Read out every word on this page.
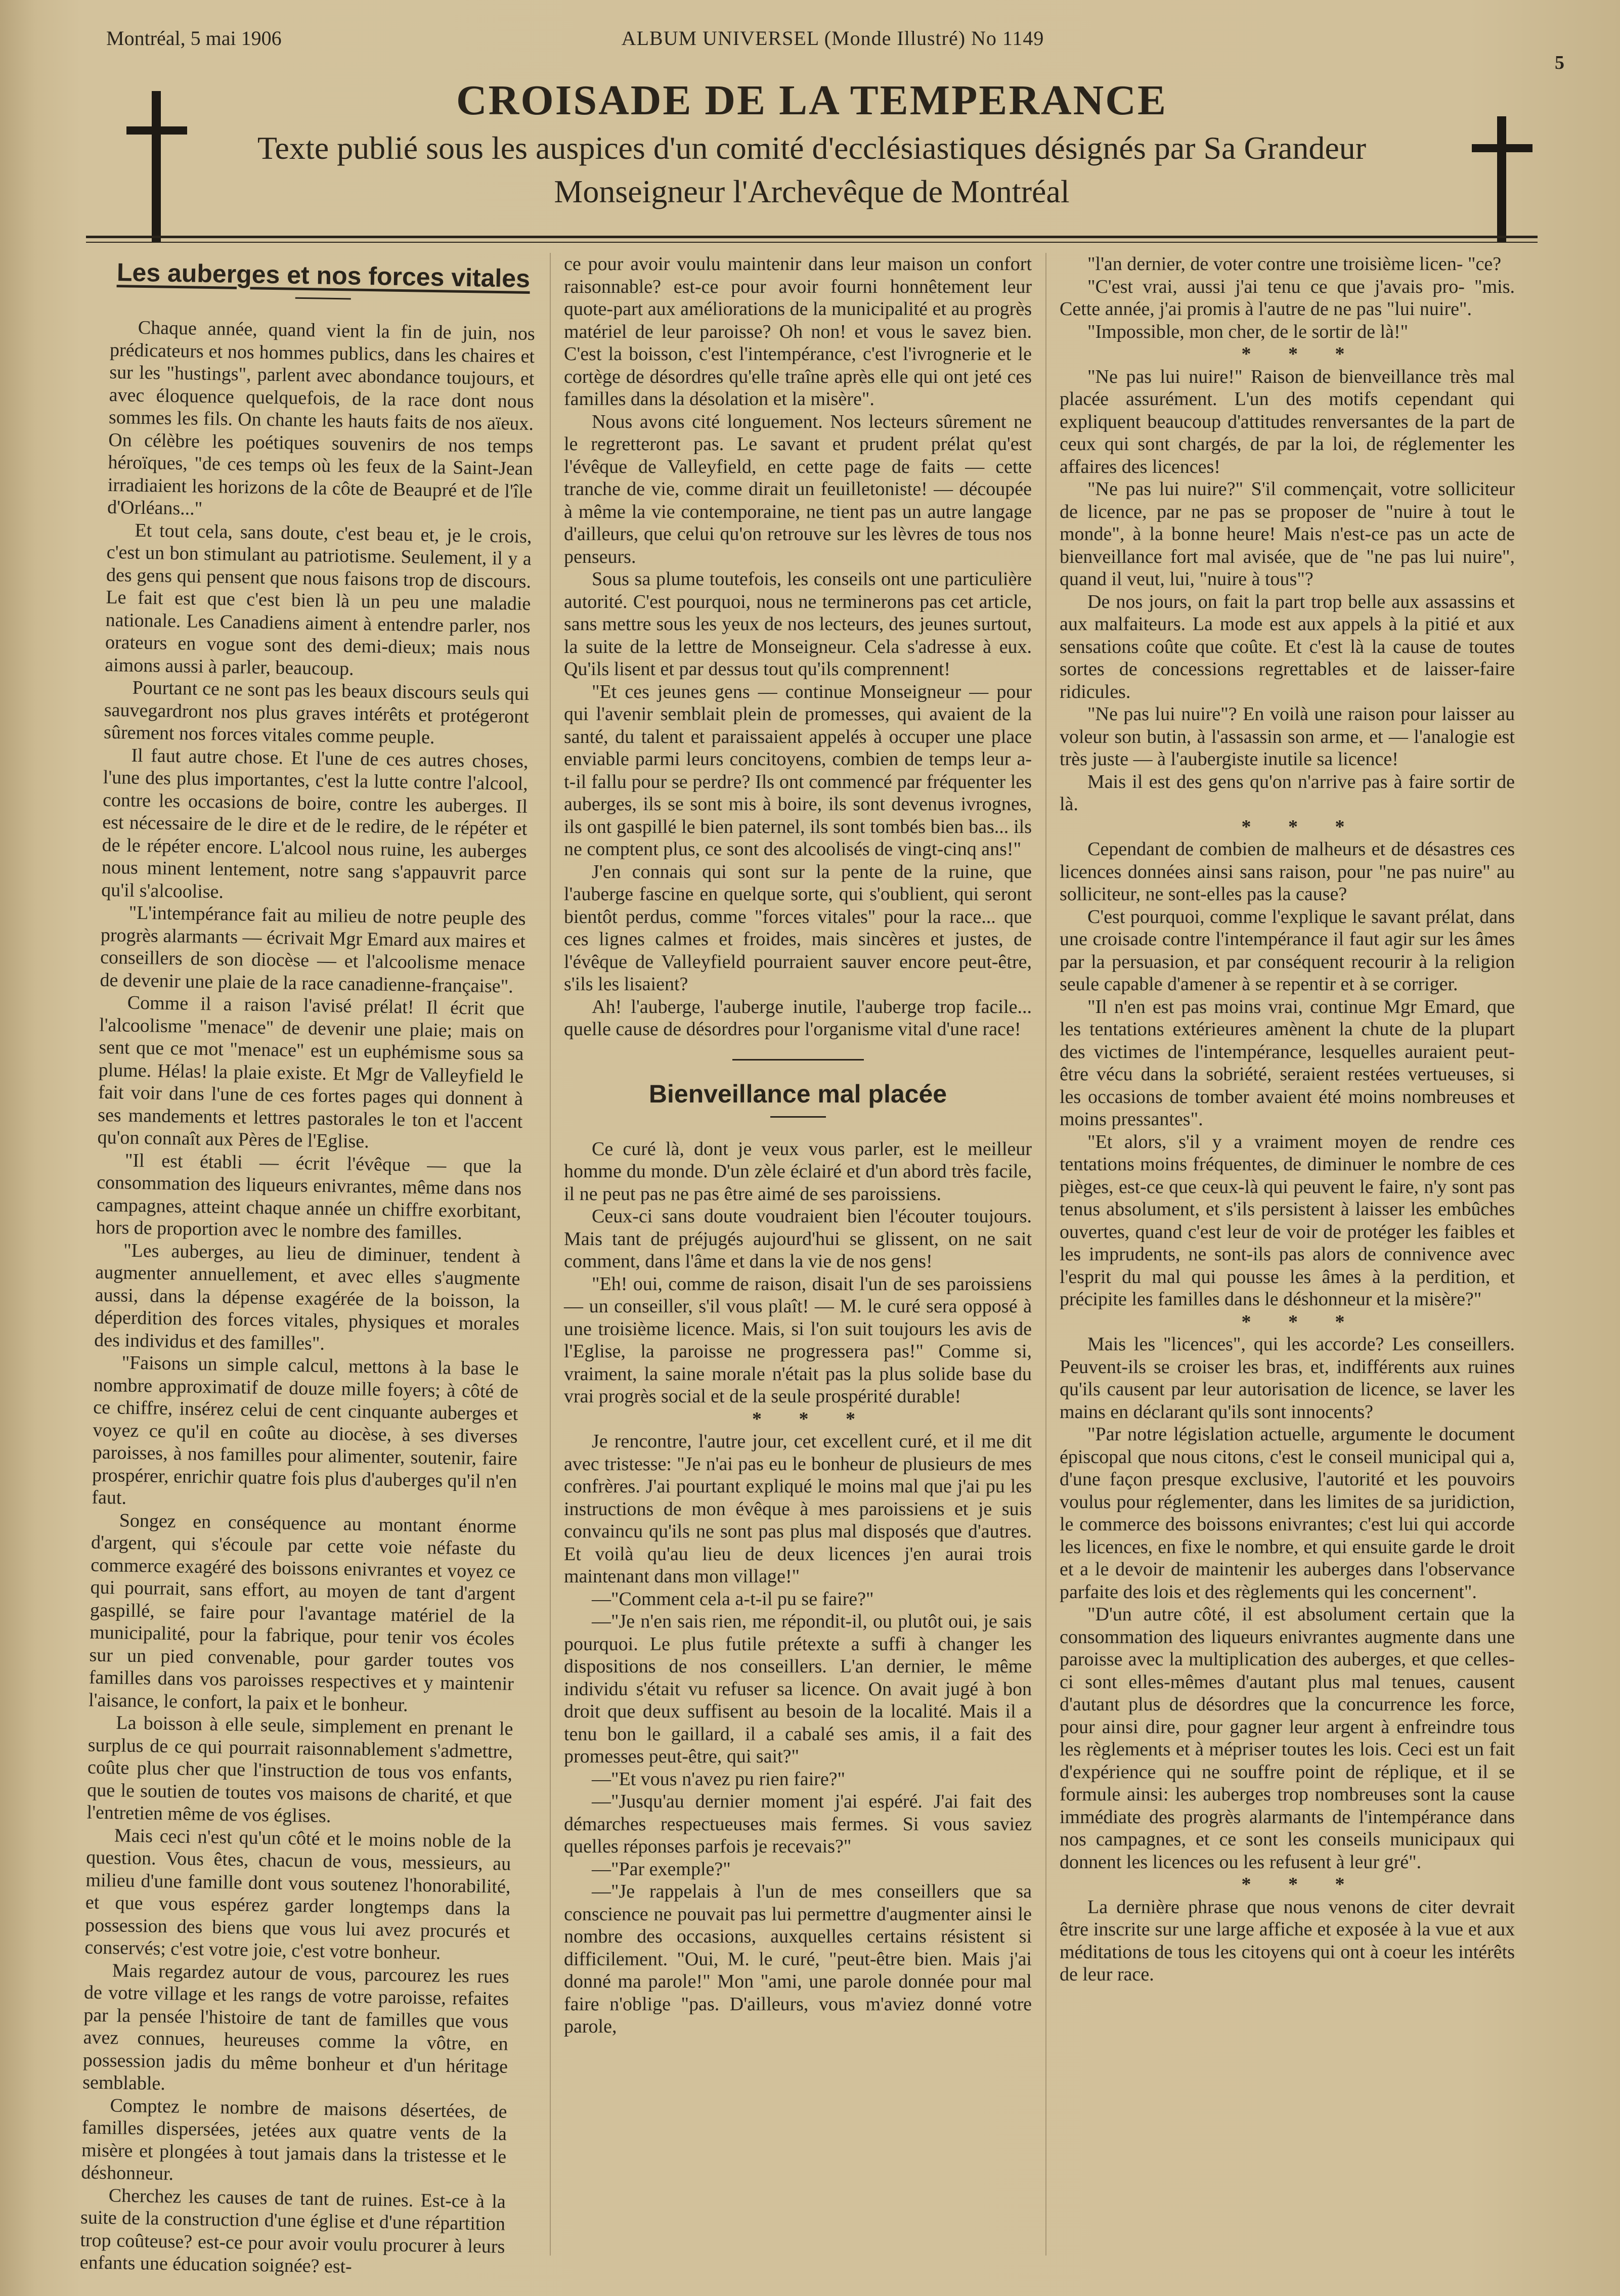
Montréal, 5 mai 1906	ALBUM UNIVERSEL (Monde Illustré) No 1149
5
CROISADE DE LA TEMPERANCE
Texte publié sous les auspices d'un comité d'ecclésiastiques désignés par Sa Grandeur
Monseigneur l'Archevêque de Montréal
Les auberges et nos forces vitales

Chaque année, quand vient la fin de juin, nos prédicateurs et nos hommes publics, dans les chaires et sur les "hustings", parlent avec abondance toujours, et avec éloquence quelquefois, de la race dont nous sommes les fils. On chante les hauts faits de nos aïeux. On célèbre les poétiques souvenirs de nos temps héroïques, "de ces temps où les feux de la Saint-Jean irradiaient les horizons de la côte de Beaupré et de l'île d'Orléans..."

Et tout cela, sans doute, c'est beau et, je le crois, c'est un bon stimulant au patriotisme. Seulement, il y a des gens qui pensent que nous faisons trop de discours. Le fait est que c'est bien là un peu une maladie nationale. Les Canadiens aiment à entendre parler, nos orateurs en vogue sont des demi-dieux; mais nous aimons aussi à parler, beaucoup.

Pourtant ce ne sont pas les beaux discours seuls qui sauvegardront nos plus graves intérêts et protégeront sûrement nos forces vitales comme peuple.

Il faut autre chose. Et l'une de ces autres choses, l'une des plus importantes, c'est la lutte contre l'alcool, contre les occasions de boire, contre les auberges. Il est nécessaire de le dire et de le redire, de le répéter et de le répéter encore. L'alcool nous ruine, les auberges nous minent lentement, notre sang s'appauvrit parce qu'il s'alcoolise.

"L'intempérance fait au milieu de notre peuple des progrès alarmants — écrivait Mgr Emard aux maires et conseillers de son diocèse — et l'alcoolisme menace de devenir une plaie de la race canadienne-française".

Comme il a raison l'avisé prélat! Il écrit que l'alcoolisme "menace" de devenir une plaie; mais on sent que ce mot "menace" est un euphémisme sous sa plume. Hélas! la plaie existe. Et Mgr de Valleyfield le fait voir dans l'une de ces fortes pages qui donnent à ses mandements et lettres pastorales le ton et l'accent qu'on connaît aux Pères de l'Eglise.

"Il est établi — écrit l'évêque — que la consommation des liqueurs enivrantes, même dans nos campagnes, atteint chaque année un chiffre exorbitant, hors de proportion avec le nombre des familles.

"Les auberges, au lieu de diminuer, tendent à augmenter annuellement, et avec elles s'augmente aussi, dans la dépense exagérée de la boisson, la déperdition des forces vitales, physiques et morales des individus et des familles".

"Faisons un simple calcul, mettons à la base le nombre approximatif de douze mille foyers; à côté de ce chiffre, insérez celui de cent cinquante auberges et voyez ce qu'il en coûte au diocèse, à ses diverses paroisses, à nos familles pour alimenter, soutenir, faire prospérer, enrichir quatre fois plus d'auberges qu'il n'en faut.

Songez en conséquence au montant énorme d'argent, qui s'écoule par cette voie néfaste du commerce exagéré des boissons enivrantes et voyez ce qui pourrait, sans effort, au moyen de tant d'argent gaspillé, se faire pour l'avantage matériel de la municipalité, pour la fabrique, pour tenir vos écoles sur un pied convenable, pour garder toutes vos familles dans vos paroisses respectives et y maintenir l'aisance, le confort, la paix et le bonheur.

La boisson à elle seule, simplement en prenant le surplus de ce qui pourrait raisonnablement s'admettre, coûte plus cher que l'instruction de tous vos enfants, que le soutien de toutes vos maisons de charité, et que l'entretien même de vos églises.

Mais ceci n'est qu'un côté et le moins noble de la question. Vous êtes, chacun de vous, messieurs, au milieu d'une famille dont vous soutenez l'honorabilité, et que vous espérez garder longtemps dans la possession des biens que vous lui avez procurés et conservés; c'est votre joie, c'est votre bonheur.

Mais regardez autour de vous, parcourez les rues de votre village et les rangs de votre paroisse, refaites par la pensée l'histoire de tant de familles que vous avez connues, heureuses comme la vôtre, en possession jadis du même bonheur et d'un héritage semblable.

Comptez le nombre de maisons désertées, de familles dispersées, jetées aux quatre vents de la misère et plongées à tout jamais dans la tristesse et le déshonneur.

Cherchez les causes de tant de ruines. Est-ce à la suite de la construction d'une église et d'une répartition trop coûteuse? est-ce pour avoir voulu procurer à leurs enfants une éducation soignée? est-

ce pour avoir voulu maintenir dans leur maison un confort raisonnable? est-ce pour avoir fourni honnêtement leur quote-part aux améliorations de la municipalité et au progrès matériel de leur paroisse? Oh non! et vous le savez bien. C'est la boisson, c'est l'intempérance, c'est l'ivrognerie et le cortège de désordres qu'elle traîne après elle qui ont jeté ces familles dans la désolation et la misère".

Nous avons cité longuement. Nos lecteurs sûrement ne le regretteront pas. Le savant et prudent prélat qu'est l'évêque de Valleyfield, en cette page de faits — cette tranche de vie, comme dirait un feuilletoniste! — découpée à même la vie contemporaine, ne tient pas un autre langage d'ailleurs, que celui qu'on retrouve sur les lèvres de tous nos penseurs.

Sous sa plume toutefois, les conseils ont une particulière autorité. C'est pourquoi, nous ne terminerons pas cet article, sans mettre sous les yeux de nos lecteurs, des jeunes surtout, la suite de la lettre de Monseigneur. Cela s'adresse à eux. Qu'ils lisent et par dessus tout qu'ils comprennent!

"Et ces jeunes gens — continue Monseigneur — pour qui l'avenir semblait plein de promesses, qui avaient de la santé, du talent et paraissaient appelés à occuper une place enviable parmi leurs concitoyens, combien de temps leur a-t-il fallu pour se perdre? Ils ont commencé par fréquenter les auberges, ils se sont mis à boire, ils sont devenus ivrognes, ils ont gaspillé le bien paternel, ils sont tombés bien bas... ils ne comptent plus, ce sont des alcoolisés de vingt-cinq ans!"

J'en connais qui sont sur la pente de la ruine, que l'auberge fascine en quelque sorte, qui s'oublient, qui seront bientôt perdus, comme "forces vitales" pour la race... que ces lignes calmes et froides, mais sincères et justes, de l'évêque de Valleyfield pourraient sauver encore peut-être, s'ils les lisaient?

Ah! l'auberge, l'auberge inutile, l'auberge trop facile... quelle cause de désordres pour l'organisme vital d'une race!

Bienveillance mal placée

Ce curé là, dont je veux vous parler, est le meilleur homme du monde. D'un zèle éclairé et d'un abord très facile, il ne peut pas ne pas être aimé de ses paroissiens.

Ceux-ci sans doute voudraient bien l'écouter toujours. Mais tant de préjugés aujourd'hui se glissent, on ne sait comment, dans l'âme et dans la vie de nos gens!

"Eh! oui, comme de raison, disait l'un de ses paroissiens — un conseiller, s'il vous plaît! — M. le curé sera opposé à une troisième licence. Mais, si l'on suit toujours les avis de l'Eglise, la paroisse ne progressera pas!" Comme si, vraiment, la saine morale n'était pas la plus solide base du vrai progrès social et de la seule prospérité durable!

* * *

Je rencontre, l'autre jour, cet excellent curé, et il me dit avec tristesse: "Je n'ai pas eu le bonheur de plusieurs de mes confrères. J'ai pourtant expliqué le moins mal que j'ai pu les instructions de mon évêque à mes paroissiens et je suis convaincu qu'ils ne sont pas plus mal disposés que d'autres. Et voilà qu'au lieu de deux licences j'en aurai trois maintenant dans mon village!"

—"Comment cela a-t-il pu se faire?"

—"Je n'en sais rien, me répondit-il, ou plutôt oui, je sais pourquoi. Le plus futile prétexte a suffi à changer les dispositions de nos conseillers. L'an dernier, le même individu s'était vu refuser sa licence. On avait jugé à bon droit que deux suffisent au besoin de la localité. Mais il a tenu bon le gaillard, il a cabalé ses amis, il a fait des promesses peut-être, qui sait?"

—"Et vous n'avez pu rien faire?"

—"Jusqu'au dernier moment j'ai espéré. J'ai fait des démarches respectueuses mais fermes. Si vous saviez quelles réponses parfois je recevais?"

—"Par exemple?"

—"Je rappelais à l'un de mes conseillers que sa conscience ne pouvait pas lui permettre d'augmenter ainsi le nombre des occasions, auxquelles certains résistent si difficilement. "Oui, M. le curé, "peut-être bien. Mais j'ai donné ma parole!" Mon "ami, une parole donnée pour mal faire n'oblige "pas. D'ailleurs, vous m'aviez donné votre parole,

"l'an dernier, de voter contre une troisième licen- "ce?

"C'est vrai, aussi j'ai tenu ce que j'avais pro- "mis. Cette année, j'ai promis à l'autre de ne pas "lui nuire".

"Impossible, mon cher, de le sortir de là!"

* * *

"Ne pas lui nuire!" Raison de bienveillance très mal placée assurément. L'un des motifs cependant qui expliquent beaucoup d'attitudes renversantes de la part de ceux qui sont chargés, de par la loi, de réglementer les affaires des licences!

"Ne pas lui nuire?" S'il commençait, votre solliciteur de licence, par ne pas se proposer de "nuire à tout le monde", à la bonne heure! Mais n'est-ce pas un acte de bienveillance fort mal avisée, que de "ne pas lui nuire", quand il veut, lui, "nuire à tous"?

De nos jours, on fait la part trop belle aux assassins et aux malfaiteurs. La mode est aux appels à la pitié et aux sensations coûte que coûte. Et c'est là la cause de toutes sortes de concessions regrettables et de laisser-faire ridicules.

"Ne pas lui nuire"? En voilà une raison pour laisser au voleur son butin, à l'assassin son arme, et — l'analogie est très juste — à l'aubergiste inutile sa licence!

Mais il est des gens qu'on n'arrive pas à faire sortir de là.

* * *

Cependant de combien de malheurs et de désastres ces licences données ainsi sans raison, pour "ne pas nuire" au solliciteur, ne sont-elles pas la cause?

C'est pourquoi, comme l'explique le savant prélat, dans une croisade contre l'intempérance il faut agir sur les âmes par la persuasion, et par conséquent recourir à la religion seule capable d'amener à se repentir et à se corriger.

"Il n'en est pas moins vrai, continue Mgr Emard, que les tentations extérieures amènent la chute de la plupart des victimes de l'intempérance, lesquelles auraient peut-être vécu dans la sobriété, seraient restées vertueuses, si les occasions de tomber avaient été moins nombreuses et moins pressantes".

"Et alors, s'il y a vraiment moyen de rendre ces tentations moins fréquentes, de diminuer le nombre de ces pièges, est-ce que ceux-là qui peuvent le faire, n'y sont pas tenus absolument, et s'ils persistent à laisser les embûches ouvertes, quand c'est leur de voir de protéger les faibles et les imprudents, ne sont-ils pas alors de connivence avec l'esprit du mal qui pousse les âmes à la perdition, et précipite les familles dans le déshonneur et la misère?"

* * *

Mais les "licences", qui les accorde? Les conseillers. Peuvent-ils se croiser les bras, et, indifférents aux ruines qu'ils causent par leur autorisation de licence, se laver les mains en déclarant qu'ils sont innocents?

"Par notre législation actuelle, argumente le document épiscopal que nous citons, c'est le conseil municipal qui a, d'une façon presque exclusive, l'autorité et les pouvoirs voulus pour réglementer, dans les limites de sa juridiction, le commerce des boissons enivrantes; c'est lui qui accorde les licences, en fixe le nombre, et qui ensuite garde le droit et a le devoir de maintenir les auberges dans l'observance parfaite des lois et des règlements qui les concernent".

"D'un autre côté, il est absolument certain que la consommation des liqueurs enivrantes augmente dans une paroisse avec la multiplication des auberges, et que celles-ci sont elles-mêmes d'autant plus mal tenues, causent d'autant plus de désordres que la concurrence les force, pour ainsi dire, pour gagner leur argent à enfreindre tous les règlements et à mépriser toutes les lois. Ceci est un fait d'expérience qui ne souffre point de réplique, et il se formule ainsi: les auberges trop nombreuses sont la cause immédiate des progrès alarmants de l'intempérance dans nos campagnes, et ce sont les conseils municipaux qui donnent les licences ou les refusent à leur gré".

* * *

La dernière phrase que nous venons de citer devrait être inscrite sur une large affiche et exposée à la vue et aux méditations de tous les citoyens qui ont à coeur les intérêts de leur race.
